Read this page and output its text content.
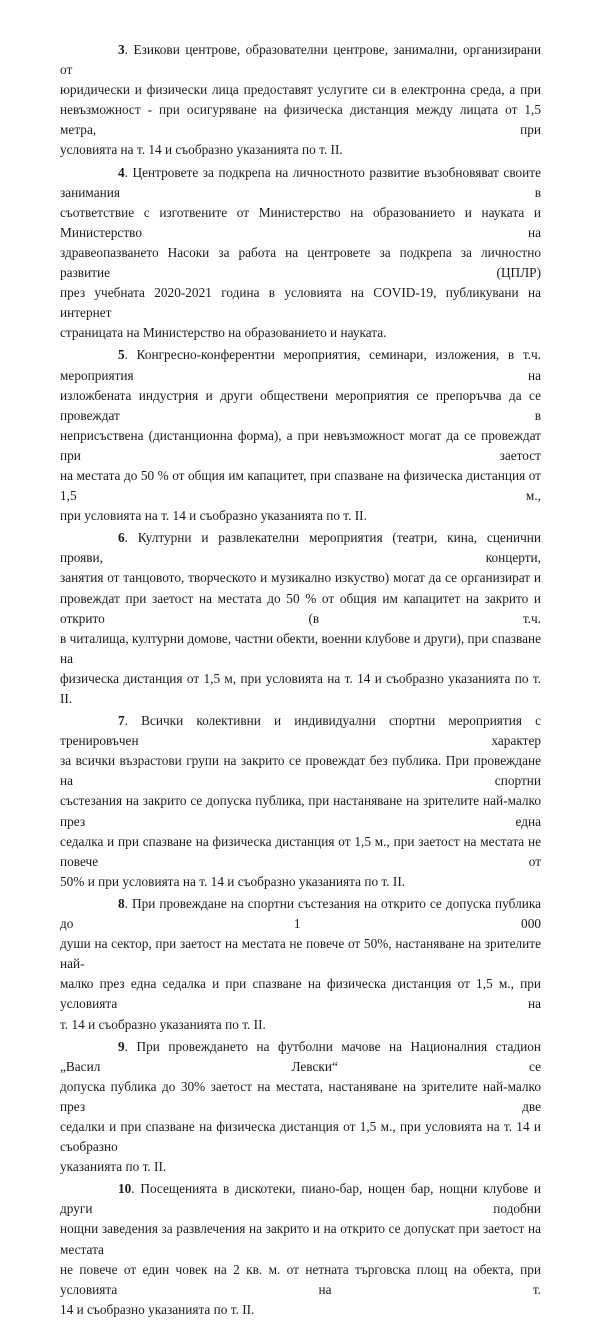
3. Езикови центрове, образователни центрове, занимални, организирани от
юридически и физически лица предоставят услугите си в електронна среда, а при
невъзможност - при осигуряване на физическа дистанция между лицата от 1,5 метра, при
условията на т. 14 и съобразно указанията по т. II.
4. Центровете за подкрепа на личностното развитие възобновяват своите занимания в
съответствие с изготвените от Министерство на образованието и науката и Министерство на
здравеопазването Насоки за работа на центровете за подкрепа за личностно развитие (ЦПЛР)
през учебната 2020-2021 година в условията на COVID-19, публикувани на интернет
страницата на Министерство на образованието и науката.
5. Конгресно-конферентни мероприятия, семинари, изложения, в т.ч. мероприятия на
изложбената индустрия и други обществени мероприятия се препоръчва да се провеждат в
неприсъствена (дистанционна форма), а при невъзможност могат да се провеждат при заетост
на местата до 50 % от общия им капацитет, при спазване на физическа дистанция от 1,5 м.,
при условията на т. 14 и съобразно указанията по т. II.
6. Културни и развлекателни мероприятия (театри, кина, сценични прояви, концерти,
занятия от танцовото, творческото и музикално изкуство) могат да се организират и
провеждат при заетост на местата до 50 % от общия им капацитет на закрито и открито (в т.ч.
в читалища, културни домове, частни обекти, военни клубове и други), при спазване на
физическа дистанция от 1,5 м, при условията на т. 14 и съобразно указанията по т. II.
7. Всички колективни и индивидуални спортни мероприятия с тренировъчен характер
за всички възрастови групи на закрито се провеждат без публика. При провеждане на спортни
състезания на закрито се допуска публика, при настаняване на зрителите най-малко през една
седалка и при спазване на физическа дистанция от 1,5 м., при заетост на местата не повече от
50% и при условията на т. 14 и съобразно указанията по т. II.
8. При провеждане на спортни състезания на открито се допуска публика до 1 000
души на сектор, при заетост на местата не повече от 50%, настаняване на зрителите най-
малко през една седалка и при спазване на физическа дистанция от 1,5 м., при условията на
т. 14 и съобразно указанията по т. II.
9. При провеждането на футболни мачове на Националния стадион „Васил Левски“ се
допуска публика до 30% заетост на местата, настаняване на зрителите най-малко през две
седалки и при спазване на физическа дистанция от 1,5 м., при условията на т. 14 и съобразно
указанията по т. II.
10. Посещенията в дискотеки, пиано-бар, нощен бар, нощни клубове и други подобни
нощни заведения за развлечения на закрито и на открито се допускат при заетост на местата
не повече от един човек на 2 кв. м. от нетната търговска площ на обекта, при условията на т.
14 и съобразно указанията по т. II.
